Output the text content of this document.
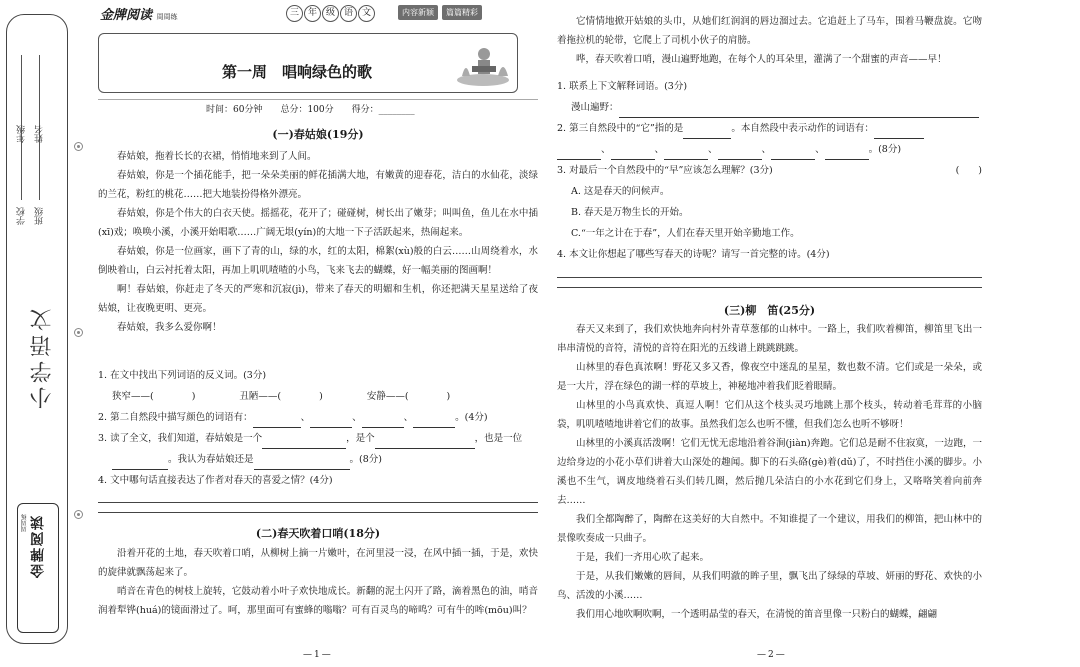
学校 班级
年级 姓名
小学语文
金牌阅读
周周练
金牌阅读 周周练	三 年 级 语 文	内容新颖	篇篇精彩
第一周　唱响绿色的歌
时间：60分钟　　总分：100分　　得分：________
(一)春姑娘(19分)

春姑娘，拖着长长的衣裙，悄悄地来到了人间。

春姑娘，你是一个插花能手，把一朵朵美丽的鲜花插满大地，有嫩黄的迎春花，洁白的水仙花，淡绿的兰花，粉红的桃花……把大地装扮得格外漂亮。

春姑娘，你是个伟大的白衣天使。摇摇花，花开了；碰碰树，树长出了嫩芽；叫叫鱼，鱼儿在水中插(xī)戏；唤唤小溪，小溪开始唱歌……广阔无垠(yín)的大地一下子活跃起来，热闹起来。

春姑娘，你是一位画家，画下了青的山，绿的水，红的太阳，棉絮(xù)般的白云……山周绕着水，水倒映着山，白云衬托着太阳，再加上叽叽喳喳的小鸟，飞来飞去的蝴蝶，好一幅美丽的图画啊！

啊！春姑娘，你赶走了冬天的严寒和沉寂(jì)，带来了春天的明媚和生机，你还把满天星星送给了夜姑娘，让夜晚更明、更亮。

春姑娘，我多么爱你啊！

1. 在文中找出下列词语的反义词。(3分)
狭窄——(　　　　)	丑陋——(　　　　)	安静——(　　　　)
2. 第二自然段中描写颜色的词语有：	、	、	、	。(4分)
3. 读了全文，我们知道，春姑娘是一个	，是个	，也是一位
。我认为春姑娘还是	。(8分)
4. 文中哪句话直接表达了作者对春天的喜爱之情？(4分)
(二)春天吹着口哨(18分)

沿着开花的土地，春天吹着口哨，从柳树上摘一片嫩叶，在河里浸一浸，在风中插一插，于是，欢快的旋律就飘荡起来了。

哨音在青色的树枝上旋转，它鼓动着小叶子欢快地成长。新翻的泥土闪开了路，滴着黑色的油，哨音润着犁铧(huá)的镜面滑过了。呵，那里面可有蜜蜂的嗡嗡？可有百灵鸟的啼鸣？可有牛的哞(mōu)叫？

—1—

它情情地掀开姑娘的头巾，从她们红润润的唇边溜过去。它追赶上了马车，围着马鞭盘旋。它吻着拖拉机的轮带，它爬上了司机小伙子的肩膀。

哗，春天吹着口哨，漫山遍野地跑，在每个人的耳朵里，灌满了一个甜蜜的声音——早！

1. 联系上下文解释词语。(3分)
漫山遍野：
2. 第三自然段中的“它”指的是	。本自然段中表示动作的词语有：
、	、	、	、	、	。(8分)
3. 对最后一个自然段中的“早”应该怎么理解？(3分)	(　　)
A. 这是春天的问候声。
B. 春天是万物生长的开始。
C.“一年之计在于春”，人们在春天里开始辛勤地工作。
4. 本文让你想起了哪些写春天的诗呢？请写一首完整的诗。(4分)
(三)柳　笛(25分)

春天又来到了，我们欢快地奔向村外青草葱郁的山林中。一路上，我们吹着柳笛，柳笛里飞出一串串清悦的音符，清悦的音符在阳光的五线谱上跳跳跳跳。

山林里的春色真浓啊！野花又多又香，像夜空中迷乱的星星，数也数不清。它们或是一朵朵，或是一大片，浮在绿色的湖一样的草坡上，神秘地冲着我们眨着眼睛。

山林里的小鸟真欢快、真逗人啊！它们从这个枝头灵巧地跳上那个枝头，转动着毛茸茸的小脑袋，叽叽喳喳地讲着它们的故事。虽然我们怎么也听不懂，但我们怎么也听不够呀！

山林里的小溪真活泼啊！它们无忧无虑地沿着谷涧(jiàn)奔跑。它们总是耐不住寂寞，一边跑，一边给身边的小花小草们讲着大山深处的趣闻。脚下的石头硌(gè)着(dǔ)了，不时挡住小溪的脚步。小溪也不生气，调皮地绕着石头们转几圈，然后抛几朵洁白的小水花到它们身上，又咯咯笑着向前奔去……

我们全都陶醉了，陶醉在这美好的大自然中。不知谁提了一个建议，用我们的柳笛，把山林中的景像吹奏成一只曲子。

于是，我们一齐用心吹了起来。

于是，从我们嫩嫩的唇间，从我们明澈的眸子里，飘飞出了绿绿的草坡、妍丽的野花、欢快的小鸟、活泼的小溪……

我们用心地吹啊吹啊，一个透明晶莹的春天，在清悦的笛音里像一只粉白的蝴蝶，翩翩

—2—
